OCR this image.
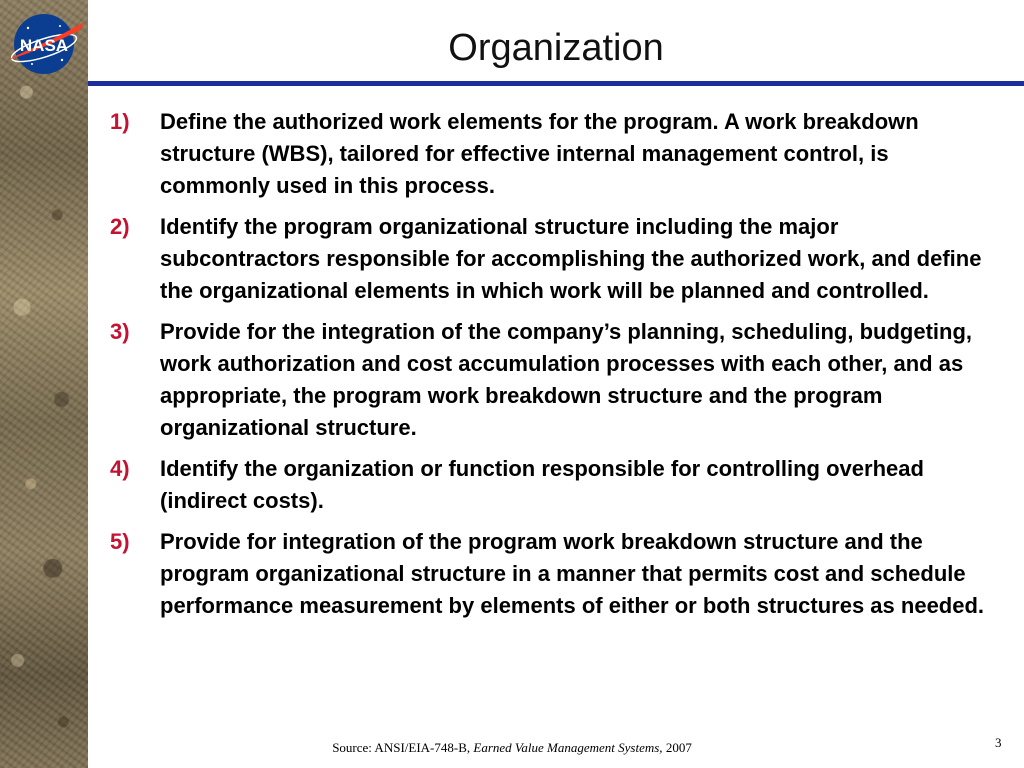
NASA	Organization
1)	Define the authorized work elements for the program. A work breakdown structure (WBS), tailored for effective internal management control, is commonly used in this process.
2)	Identify the program organizational structure including the major subcontractors responsible for accomplishing the authorized work, and define the organizational elements in which work will be planned and controlled.
3)	Provide for the integration of the company’s planning, scheduling, budgeting, work authorization and cost accumulation processes with each other, and as appropriate, the program work breakdown structure and the program organizational structure.
4)	Identify the organization or function responsible for controlling overhead (indirect costs).
5)	Provide for integration of the program work breakdown structure and the program organizational structure in a manner that permits cost and schedule performance measurement by elements of either or both structures as needed.
Source: ANSI/EIA-748-B, Earned Value Management Systems, 2007	3
